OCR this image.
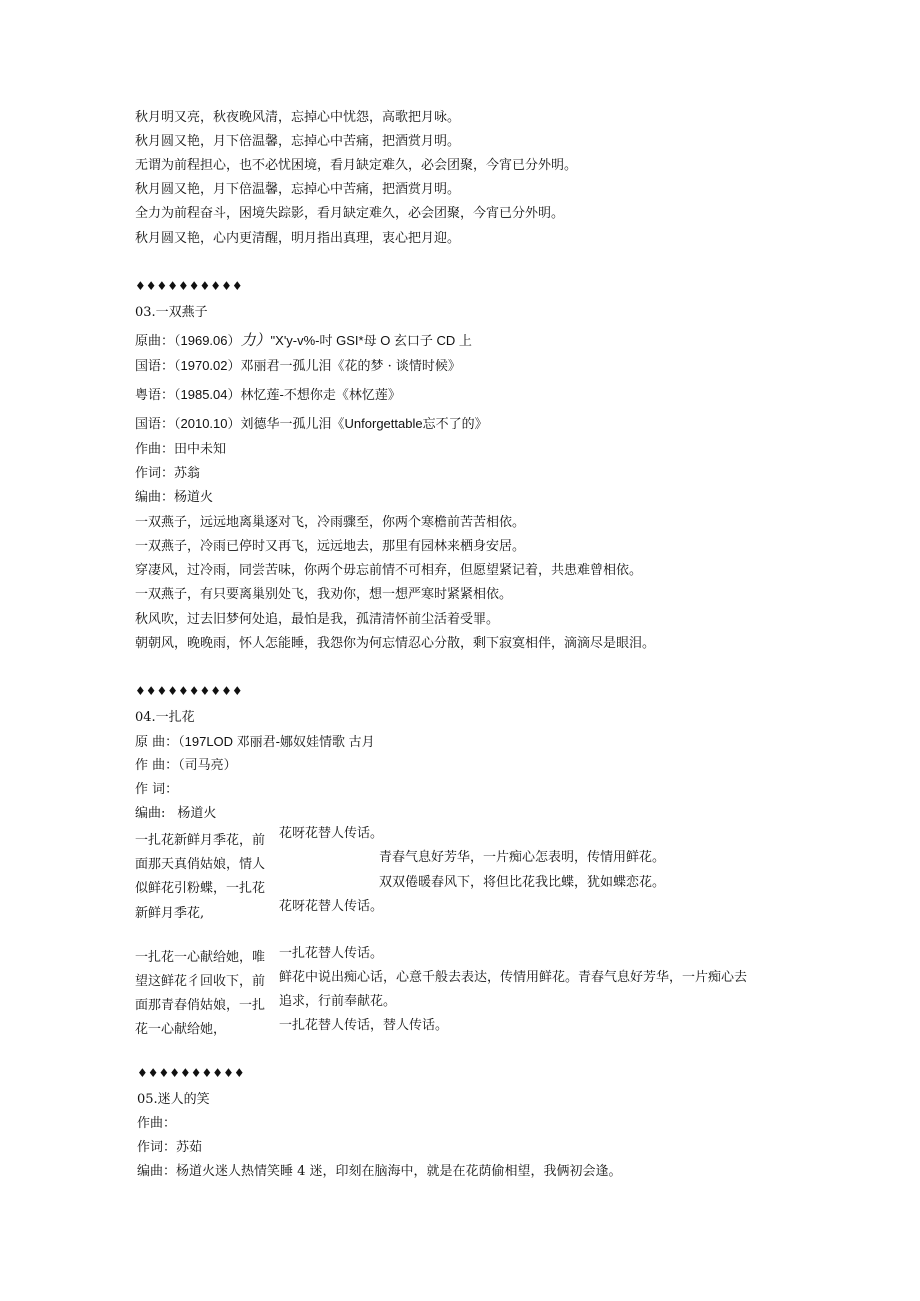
秋月明又亮，秋夜晚风清，忘掉心中忧怨，高歌把月咏。
秋月圆又艳，月下倍温馨，忘掉心中苦痛，把酒赏月明。
无谓为前程担心，也不必忧困境，看月缺定难久，必会团聚，今宵已分外明。
秋月圆又艳，月下倍温馨，忘掉心中苦痛，把酒赏月明。
全力为前程奋斗，困境失踪影，看月缺定难久，必会团聚，今宵已分外明。
秋月圆又艳，心内更清醒，明月指出真理，衷心把月迎。
♦♦♦♦♦♦♦♦♦♦
03.一双燕子
原曲：（1969.06）力）"X'y-v%-吋 GSI*母 O 玄口子 CD 上
国语：（1970.02）邓丽君一孤儿泪《花的梦 · 谈情时候》
粤语：（1985.04）林忆莲-不想你走《林忆莲》
国语：（2010.10）刘德华一孤儿泪《Unforgettable忘不了的》
作曲：田中未知
作词：苏翁
编曲：杨道火
一双燕子，远远地离巢逐对飞，冷雨骤至，你两个寒檐前苦苦相依。
一双燕子，冷雨已停时又再飞，远远地去，那里有园林来栖身安居。
穿凄风，过冷雨，同尝苦味，你两个毋忘前情不可相弃，但愿望紧记着，共患难曾相依。
一双燕子，有只要离巢别处飞，我劝你，想一想严寒时紧紧相依。
秋风吹，过去旧梦何处追，最怕是我，孤清清怀前尘活着受罪。
朝朝风，晚晚雨，怀人怎能睡，我怨你为何忘情忍心分散，剩下寂寞相伴，滴滴尽是眼泪。
♦♦♦♦♦♦♦♦♦♦
04.一扎花
原 曲：（197LOD 邓丽君-娜奴娃情歌 古月
作 曲：（司马亮）
作 词：
编曲: 杨道火
一扎花新鲜月季花，前
面那天真俏姑娘，情人
似鲜花引粉蝶，一扎花
新鲜月季花,
花呀花替人传话。
青春气息好芳华，一片痴心怎表明，传情用鲜花。
双双倦暖春风下，将但比花我比蝶，犹如蝶恋花。
花呀花替人传话。
一扎花一心献给她，唯
望这鲜花彳回收下，前
面那青春俏姑娘，一扎
花一心献给她，
一扎花替人传话。
鲜花中说出痴心话，心意千般去表达，传情用鲜花。青春气息好芳华，一片痴心去
追求，行前奉献花。
一扎花替人传话，替人传话。
♦♦♦♦♦♦♦♦♦♦
05.迷人的笑
作曲：
作词：苏茹
编曲：杨道火迷人热情笑睡 4 迷，印刻在脑海中，就是在花荫偷相望，我俩初会逢。
